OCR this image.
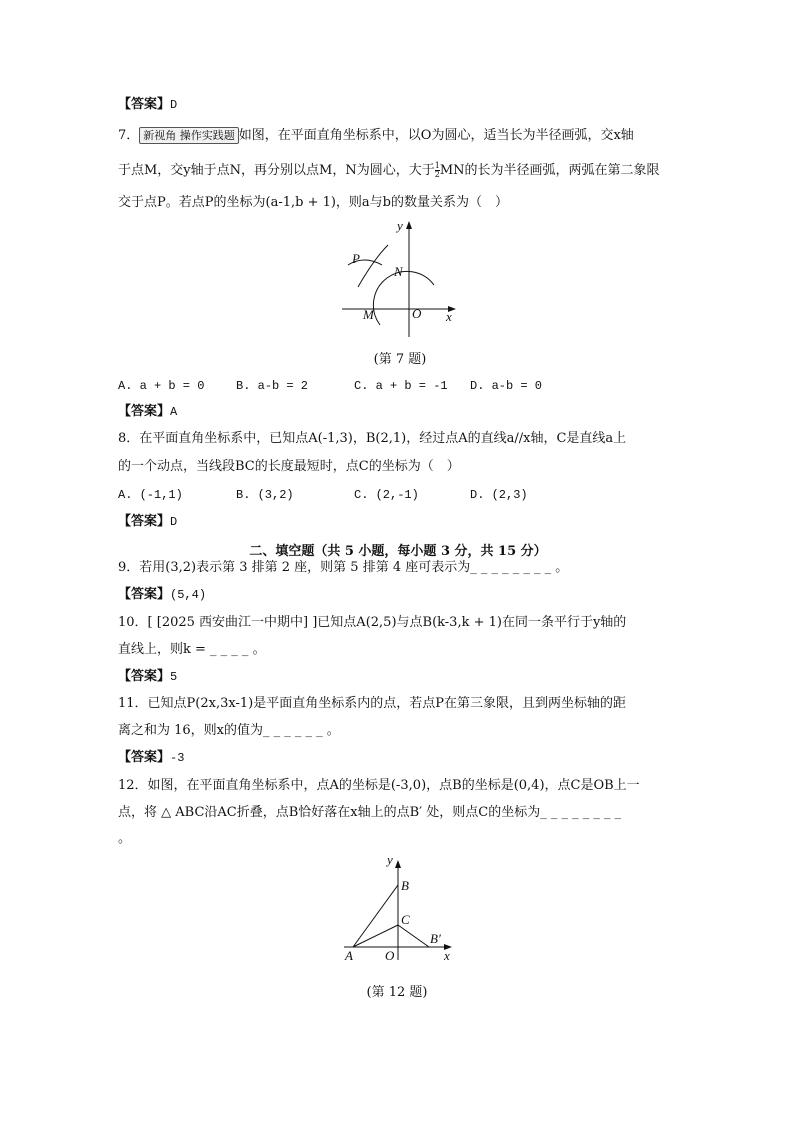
【答案】D
7． 新视角 操作实践题 如图，在平面直角坐标系中，以O为圆心，适当长为半径画弧，交x轴
于点M，交y轴于点N，再分别以点M，N为圆心，大于 $\frac{1}{2}$ MN的长为半径画弧，两弧在第二象限
交于点P。若点P的坐标为(a-1,b + 1)，则a与b的数量关系为（　）
P
N
M	O x
y
(第 7 题)
A. a + b = 0	B. a-b = 2	C. a + b = -1 D. a-b = 0
【答案】A
8．在平面直角坐标系中，已知点A(-1,3)，B(2,1)，经过点A的直线a//x轴，C是直线a上
的一个动点，当线段BC的长度最短时，点C的坐标为（　）
A. (-1,1)	B. (3,2)	C. (2,-1)	D. (2,3)
【答案】D
二、填空题（共 5 小题，每小题 3 分，共 15 分）
9．若用(3,2)表示第 3 排第 2 座，则第 5 排第 4 座可表示为_ _ _ _ _ _ _ _ 。
【答案】(5,4)
10．[ [2025 西安曲江一中期中] ]已知点A(2,5)与点B(k-3,k + 1)在同一条平行于y轴的
直线上，则k = _ _ _ _ 。
【答案】5
11．已知点P(2x,3x-1)是平面直角坐标系内的点，若点P在第三象限，且到两坐标轴的距
离之和为 16，则x的值为_ _ _ _ _ _ 。
【答案】-3
12．如图，在平面直角坐标系中，点A的坐标是(-3,0)，点B的坐标是(0,4)，点C是OB上一
点，将 △ ABC沿AC折叠，点B恰好落在x轴上的点B′ 处，则点C的坐标为_ _ _ _ _ _ _ _
。
y
B
C
B′
A O	x
(第 12 题)
